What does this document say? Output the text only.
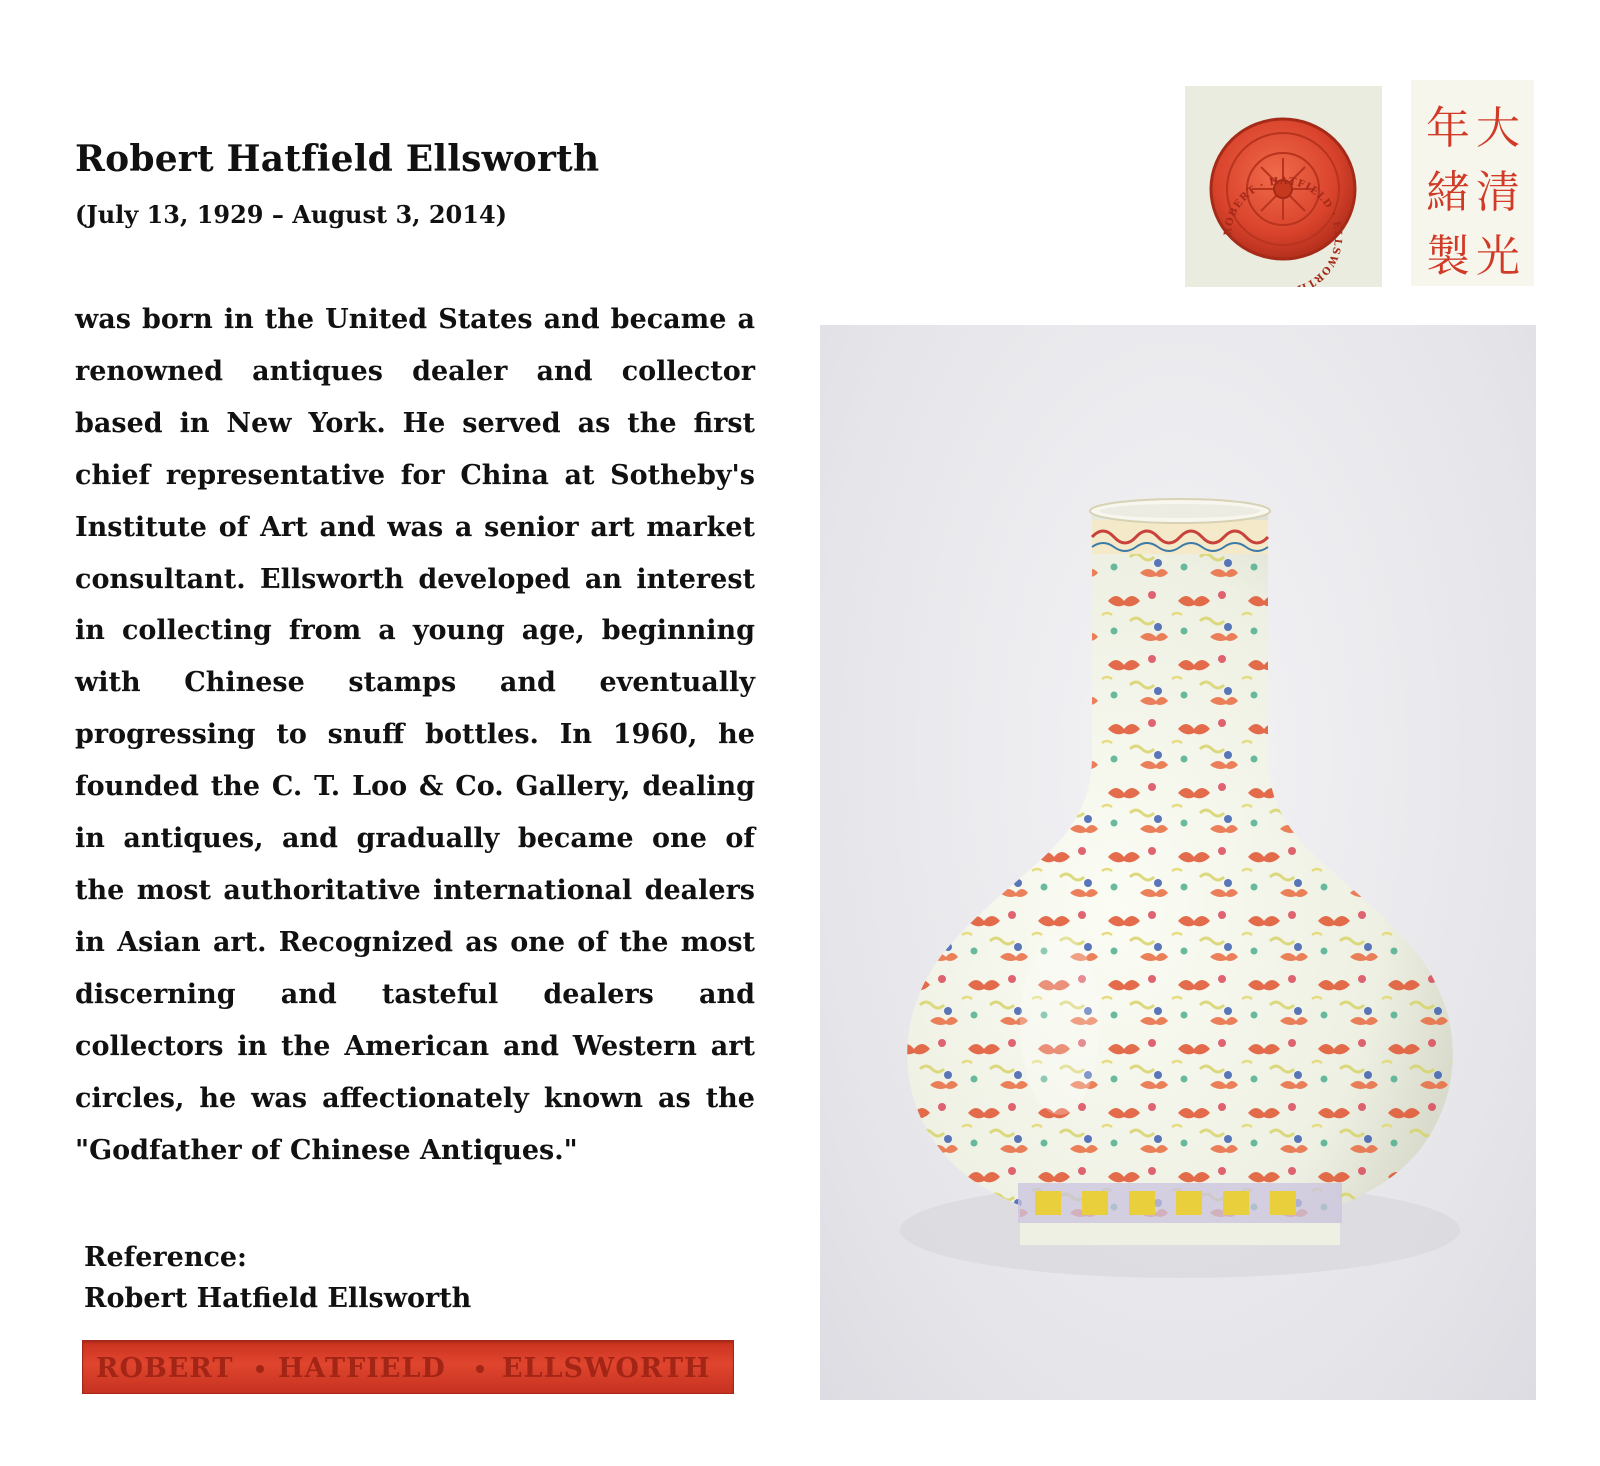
Robert Hatfield Ellsworth
(July 13, 1929 – August 3, 2014)

was born in the United States and became a renowned antiques dealer and collector based in New York. He served as the first chief representative for China at Sotheby's Institute of Art and was a senior art market consultant. Ellsworth developed an interest in collecting from a young age, beginning with Chinese stamps and eventually progressing to snuff bottles. In 1960, he founded the C. T. Loo & Co. Gallery, dealing in antiques, and gradually became one of the most authoritative international dealers in Asian art. Recognized as one of the most discerning and tasteful dealers and collectors in the American and Western art circles, he was affectionately known as the "Godfather of Chinese Antiques."

Reference:
Robert Hatfield Ellsworth
ROBERT HATFIELD ELLSWORTH
ROBERT · HATFIELD · ELLSWORT
年 大
緒 清
製 光
